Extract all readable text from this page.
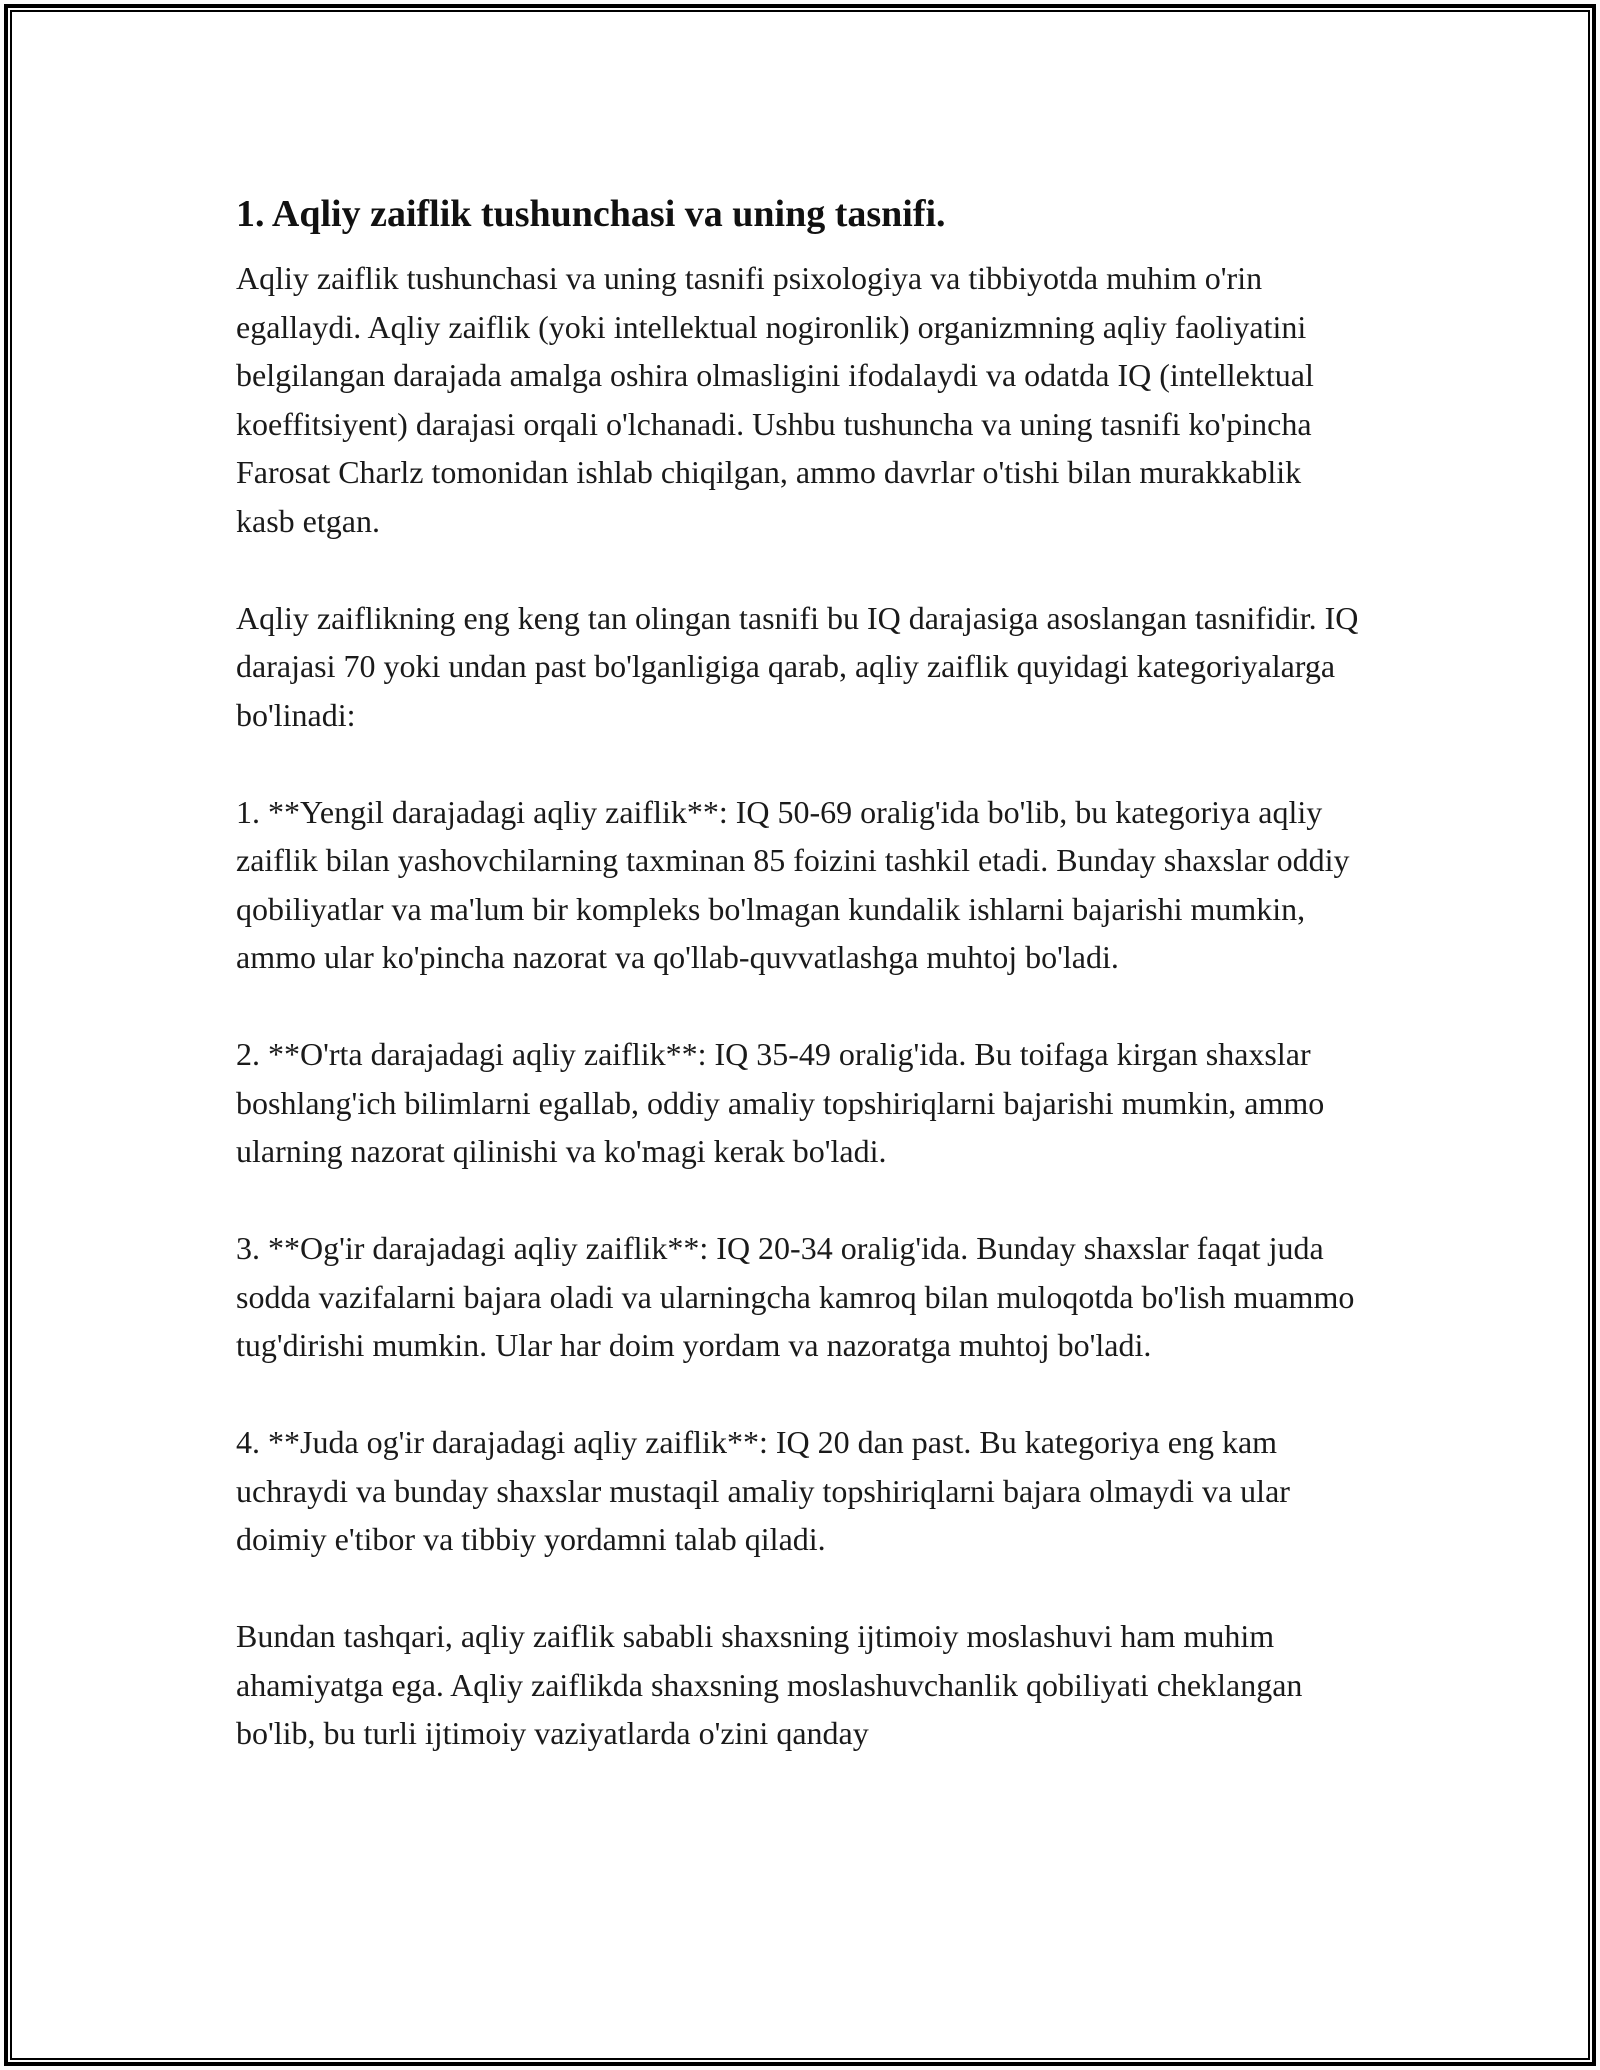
1. Aqliy zaiflik tushunchasi va uning tasnifi.

Aqliy zaiflik tushunchasi va uning tasnifi psixologiya va tibbiyotda muhim o'rin egallaydi. Aqliy zaiflik (yoki intellektual nogironlik) organizmning aqliy faoliyatini belgilangan darajada amalga oshira olmasligini ifodalaydi va odatda IQ (intellektual koeffitsiyent) darajasi orqali o'lchanadi. Ushbu tushuncha va uning tasnifi ko'pincha Farosat Charlz tomonidan ishlab chiqilgan, ammo davrlar o'tishi bilan murakkablik kasb etgan.

Aqliy zaiflikning eng keng tan olingan tasnifi bu IQ darajasiga asoslangan tasnifidir. IQ darajasi 70 yoki undan past bo'lganligiga qarab, aqliy zaiflik quyidagi kategoriyalarga bo'linadi:

1. **Yengil darajadagi aqliy zaiflik**: IQ 50-69 oralig'ida bo'lib, bu kategoriya aqliy zaiflik bilan yashovchilarning taxminan 85 foizini tashkil etadi. Bunday shaxslar oddiy qobiliyatlar va ma'lum bir kompleks bo'lmagan kundalik ishlarni bajarishi mumkin, ammo ular ko'pincha nazorat va qo'llab-quvvatlashga muhtoj bo'ladi.

2. **O'rta darajadagi aqliy zaiflik**: IQ 35-49 oralig'ida. Bu toifaga kirgan shaxslar boshlang'ich bilimlarni egallab, oddiy amaliy topshiriqlarni bajarishi mumkin, ammo ularning nazorat qilinishi va ko'magi kerak bo'ladi.

3. **Og'ir darajadagi aqliy zaiflik**: IQ 20-34 oralig'ida. Bunday shaxslar faqat juda sodda vazifalarni bajara oladi va ularningcha kamroq bilan muloqotda bo'lish muammo tug'dirishi mumkin. Ular har doim yordam va nazoratga muhtoj bo'ladi.

4. **Juda og'ir darajadagi aqliy zaiflik**: IQ 20 dan past. Bu kategoriya eng kam uchraydi va bunday shaxslar mustaqil amaliy topshiriqlarni bajara olmaydi va ular doimiy e'tibor va tibbiy yordamni talab qiladi.

Bundan tashqari, aqliy zaiflik sababli shaxsning ijtimoiy moslashuvi ham muhim ahamiyatga ega. Aqliy zaiflikda shaxsning moslashuvchanlik qobiliyati cheklangan bo'lib, bu turli ijtimoiy vaziyatlarda o'zini qanday
